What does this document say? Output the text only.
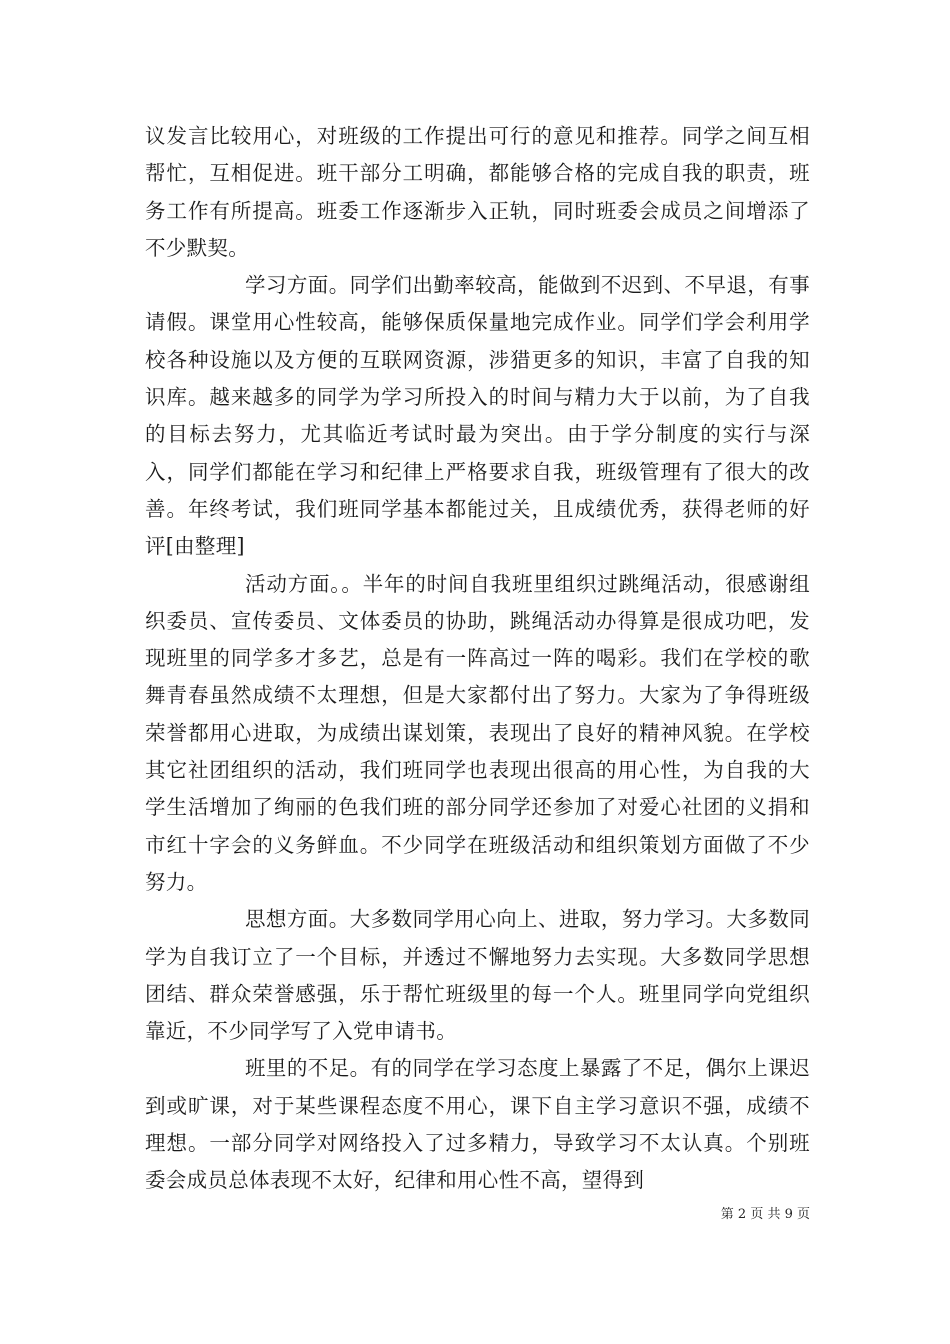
议发言比较用心，对班级的工作提出可行的意见和推荐。同学之间互相帮忙，互相促进。班干部分工明确，都能够合格的完成自我的职责，班务工作有所提高。班委工作逐渐步入正轨，同时班委会成员之间增添了不少默契。

学习方面。同学们出勤率较高，能做到不迟到、不早退，有事请假。课堂用心性较高，能够保质保量地完成作业。同学们学会利用学校各种设施以及方便的互联网资源，涉猎更多的知识，丰富了自我的知识库。越来越多的同学为学习所投入的时间与精力大于以前，为了自我的目标去努力，尤其临近考试时最为突出。由于学分制度的实行与深入，同学们都能在学习和纪律上严格要求自我，班级管理有了很大的改善。年终考试，我们班同学基本都能过关，且成绩优秀，获得老师的好评[由整理]

活动方面。。半年的时间自我班里组织过跳绳活动，很感谢组织委员、宣传委员、文体委员的协助，跳绳活动办得算是很成功吧，发现班里的同学多才多艺，总是有一阵高过一阵的喝彩。我们在学校的歌舞青春虽然成绩不太理想，但是大家都付出了努力。大家为了争得班级荣誉都用心进取，为成绩出谋划策，表现出了良好的精神风貌。在学校其它社团组织的活动，我们班同学也表现出很高的用心性，为自我的大学生活增加了绚丽的色我们班的部分同学还参加了对爱心社团的义捐和市红十字会的义务鲜血。不少同学在班级活动和组织策划方面做了不少努力。

思想方面。大多数同学用心向上、进取，努力学习。大多数同学为自我订立了一个目标，并透过不懈地努力去实现。大多数同学思想团结、群众荣誉感强，乐于帮忙班级里的每一个人。班里同学向党组织靠近，不少同学写了入党申请书。

班里的不足。有的同学在学习态度上暴露了不足，偶尔上课迟到或旷课，对于某些课程态度不用心，课下自主学习意识不强，成绩不理想。一部分同学对网络投入了过多精力，导致学习不太认真。个别班委会成员总体表现不太好，纪律和用心性不高，望得到

第 2 页 共 9 页
